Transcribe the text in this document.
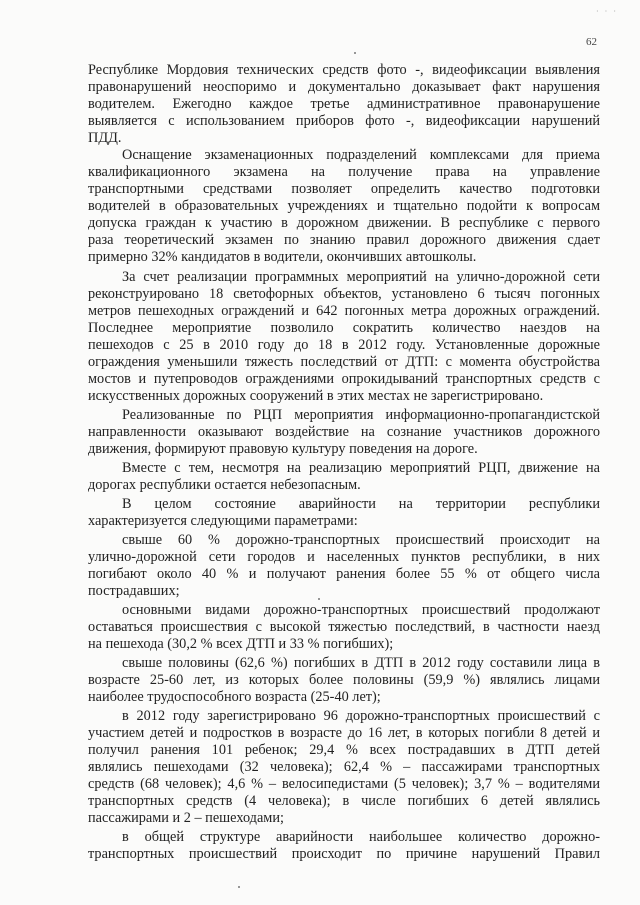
· · ·
62
Республике Мордовия технических средств фото -, видеофиксации выявления
правонарушений неоспоримо и документально доказывает факт нарушения
водителем. Ежегодно каждое третье административное правонарушение
выявляется с использованием приборов фото -, видеофиксации нарушений
ПДД.
Оснащение экзаменационных подразделений комплексами для приема
квалификационного экзамена на получение права на управление
транспортными средствами позволяет определить качество подготовки
водителей в образовательных учреждениях и тщательно подойти к вопросам
допуска граждан к участию в дорожном движении. В республике с первого
раза теоретический экзамен по знанию правил дорожного движения сдает
примерно 32% кандидатов в водители, окончивших автошколы.
За счет реализации программных мероприятий на улично-дорожной сети
реконструировано 18 светофорных объектов, установлено 6 тысяч погонных
метров пешеходных ограждений и 642 погонных метра дорожных ограждений.
Последнее мероприятие позволило сократить количество наездов на
пешеходов с 25 в 2010 году до 18 в 2012 году. Установленные дорожные
ограждения уменьшили тяжесть последствий от ДТП: с момента обустройства
мостов и путепроводов ограждениями опрокидываний транспортных средств с
искусственных дорожных сооружений в этих местах не зарегистрировано.
Реализованные по РЦП мероприятия информационно-пропагандистской
направленности оказывают воздействие на сознание участников дорожного
движения, формируют правовую культуру поведения на дороге.
Вместе с тем, несмотря на реализацию мероприятий РЦП, движение на
дорогах республики остается небезопасным.
В целом состояние аварийности на территории республики
характеризуется следующими параметрами:
свыше 60 % дорожно-транспортных происшествий происходит на
улично-дорожной сети городов и населенных пунктов республики, в них
погибают около 40 % и получают ранения более 55 % от общего числа
пострадавших;
основными видами дорожно-транспортных происшествий продолжают
оставаться происшествия с высокой тяжестью последствий, в частности наезд
на пешехода (30,2 % всех ДТП и 33 % погибших);
свыше половины (62,6 %) погибших в ДТП в 2012 году составили лица в
возрасте 25-60 лет, из которых более половины (59,9 %) являлись лицами
наиболее трудоспособного возраста (25-40 лет);
в 2012 году зарегистрировано 96 дорожно-транспортных происшествий с
участием детей и подростков в возрасте до 16 лет, в которых погибли 8 детей и
получил ранения 101 ребенок; 29,4 % всех пострадавших в ДТП детей
являлись пешеходами (32 человека); 62,4 % – пассажирами транспортных
средств (68 человек); 4,6 % – велосипедистами (5 человек); 3,7 % – водителями
транспортных средств (4 человека); в числе погибших 6 детей являлись
пассажирами и 2 – пешеходами;
в общей структуре аварийности наибольшее количество дорожно-
транспортных происшествий происходит по причине нарушений Правил
